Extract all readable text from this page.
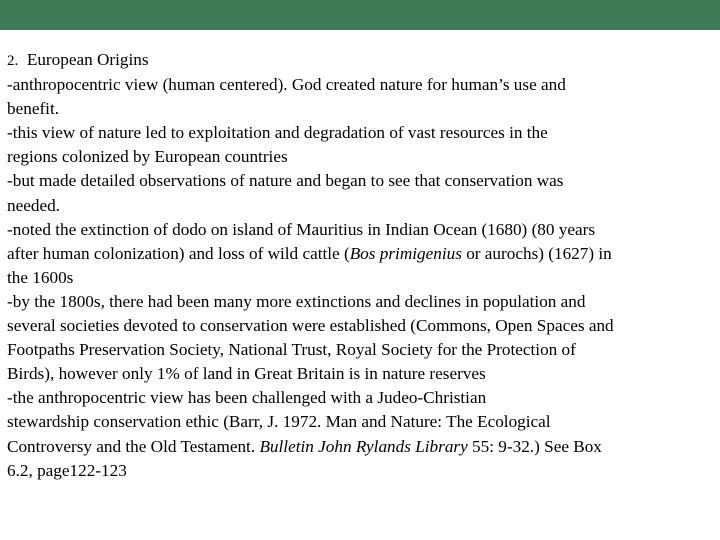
2. European Origins

-anthropocentric view (human centered). God created nature for human’s use and

benefit.

-this view of nature led to exploitation and degradation of vast resources in the

regions colonized by European countries

-but made detailed observations of nature and began to see that conservation was

needed.

-noted the extinction of dodo on island of Mauritius in Indian Ocean (1680) (80 years

after human colonization) and loss of wild cattle (Bos primigenius or aurochs) (1627) in

the 1600s

-by the 1800s, there had been many more extinctions and declines in population and

several societies devoted to conservation were established (Commons, Open Spaces and

Footpaths Preservation Society, National Trust, Royal Society for the Protection of

Birds), however only 1% of land in Great Britain is in nature reserves

-the anthropocentric view has been challenged with a Judeo-Christian

stewardship conservation ethic (Barr, J. 1972. Man and Nature: The Ecological

Controversy and the Old Testament. Bulletin John Rylands Library 55: 9-32.) See Box

6.2, page122-123
